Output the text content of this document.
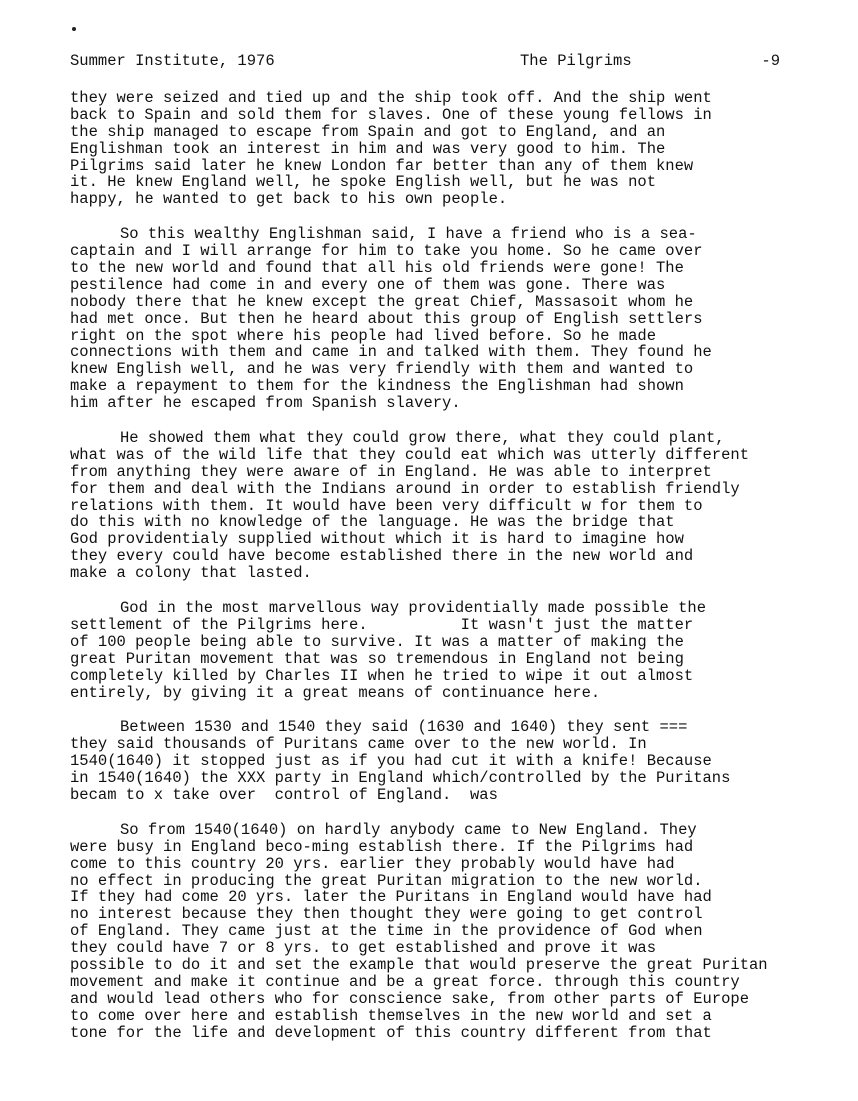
Summer Institute, 1976

	The Pilgrims

	-9

they were seized and tied up and the ship took off. And the ship went
back to Spain and sold them for slaves. One of these young fellows in
the ship managed to escape from Spain and got to England, and an
Englishman took an interest in him and was very good to him. The
Pilgrims said later he knew London far better than any of them knew
it. He knew England well, he spoke English well, but he was not
happy, he wanted to get back to his own people.
So this wealthy Englishman said, I have a friend who is a sea-
captain and I will arrange for him to take you home. So he came over
to the new world and found that all his old friends were gone! The
pestilence had come in and every one of them was gone. There was
nobody there that he knew except the great Chief, Massasoit whom he
had met once. But then he heard about this group of English settlers
right on the spot where his people had lived before. So he made
connections with them and came in and talked with them. They found he
knew English well, and he was very friendly with them and wanted to
make a repayment to them for the kindness the Englishman had shown
him after he escaped from Spanish slavery.
He showed them what they could grow there, what they could plant,
what was of the wild life that they could eat which was utterly different
from anything they were aware of in England. He was able to interpret
for them and deal with the Indians around in order to establish friendly
relations with them. It would have been very difficult w for them to
do this with no knowledge of the language. He was the bridge that
God providentialy supplied without which it is hard to imagine how
they every could have become established there in the new world and
make a colony that lasted.
God in the most marvellous way providentially made possible the
settlement of the Pilgrims here.          It wasn't just the matter
of 100 people being able to survive. It was a matter of making the
great Puritan movement that was so tremendous in England not being
completely killed by Charles II when he tried to wipe it out almost
entirely, by giving it a great means of continuance here.
Between 1530 and 1540 they said (1630 and 1640) they sent ===
they said thousands of Puritans came over to the new world. In
1540(1640) it stopped just as if you had cut it with a knife! Because
in 1540(1640) the XXX party in England which/controlled by the Puritans
becam to x take over  control of England.  was
So from 1540(1640) on hardly anybody came to New England. They
were busy in England beco-ming establish there. If the Pilgrims had
come to this country 20 yrs. earlier they probably would have had
no effect in producing the great Puritan migration to the new world.
If they had come 20 yrs. later the Puritans in England would have had
no interest because they then thought they were going to get control
of England. They came just at the time in the providence of God when
they could have 7 or 8 yrs. to get established and prove it was
possible to do it and set the example that would preserve the great Puritan
movement and make it continue and be a great force. through this country
and would lead others who for conscience sake, from other parts of Europe
to come over here and establish themselves in the new world and set a
tone for the life and development of this country different from that
